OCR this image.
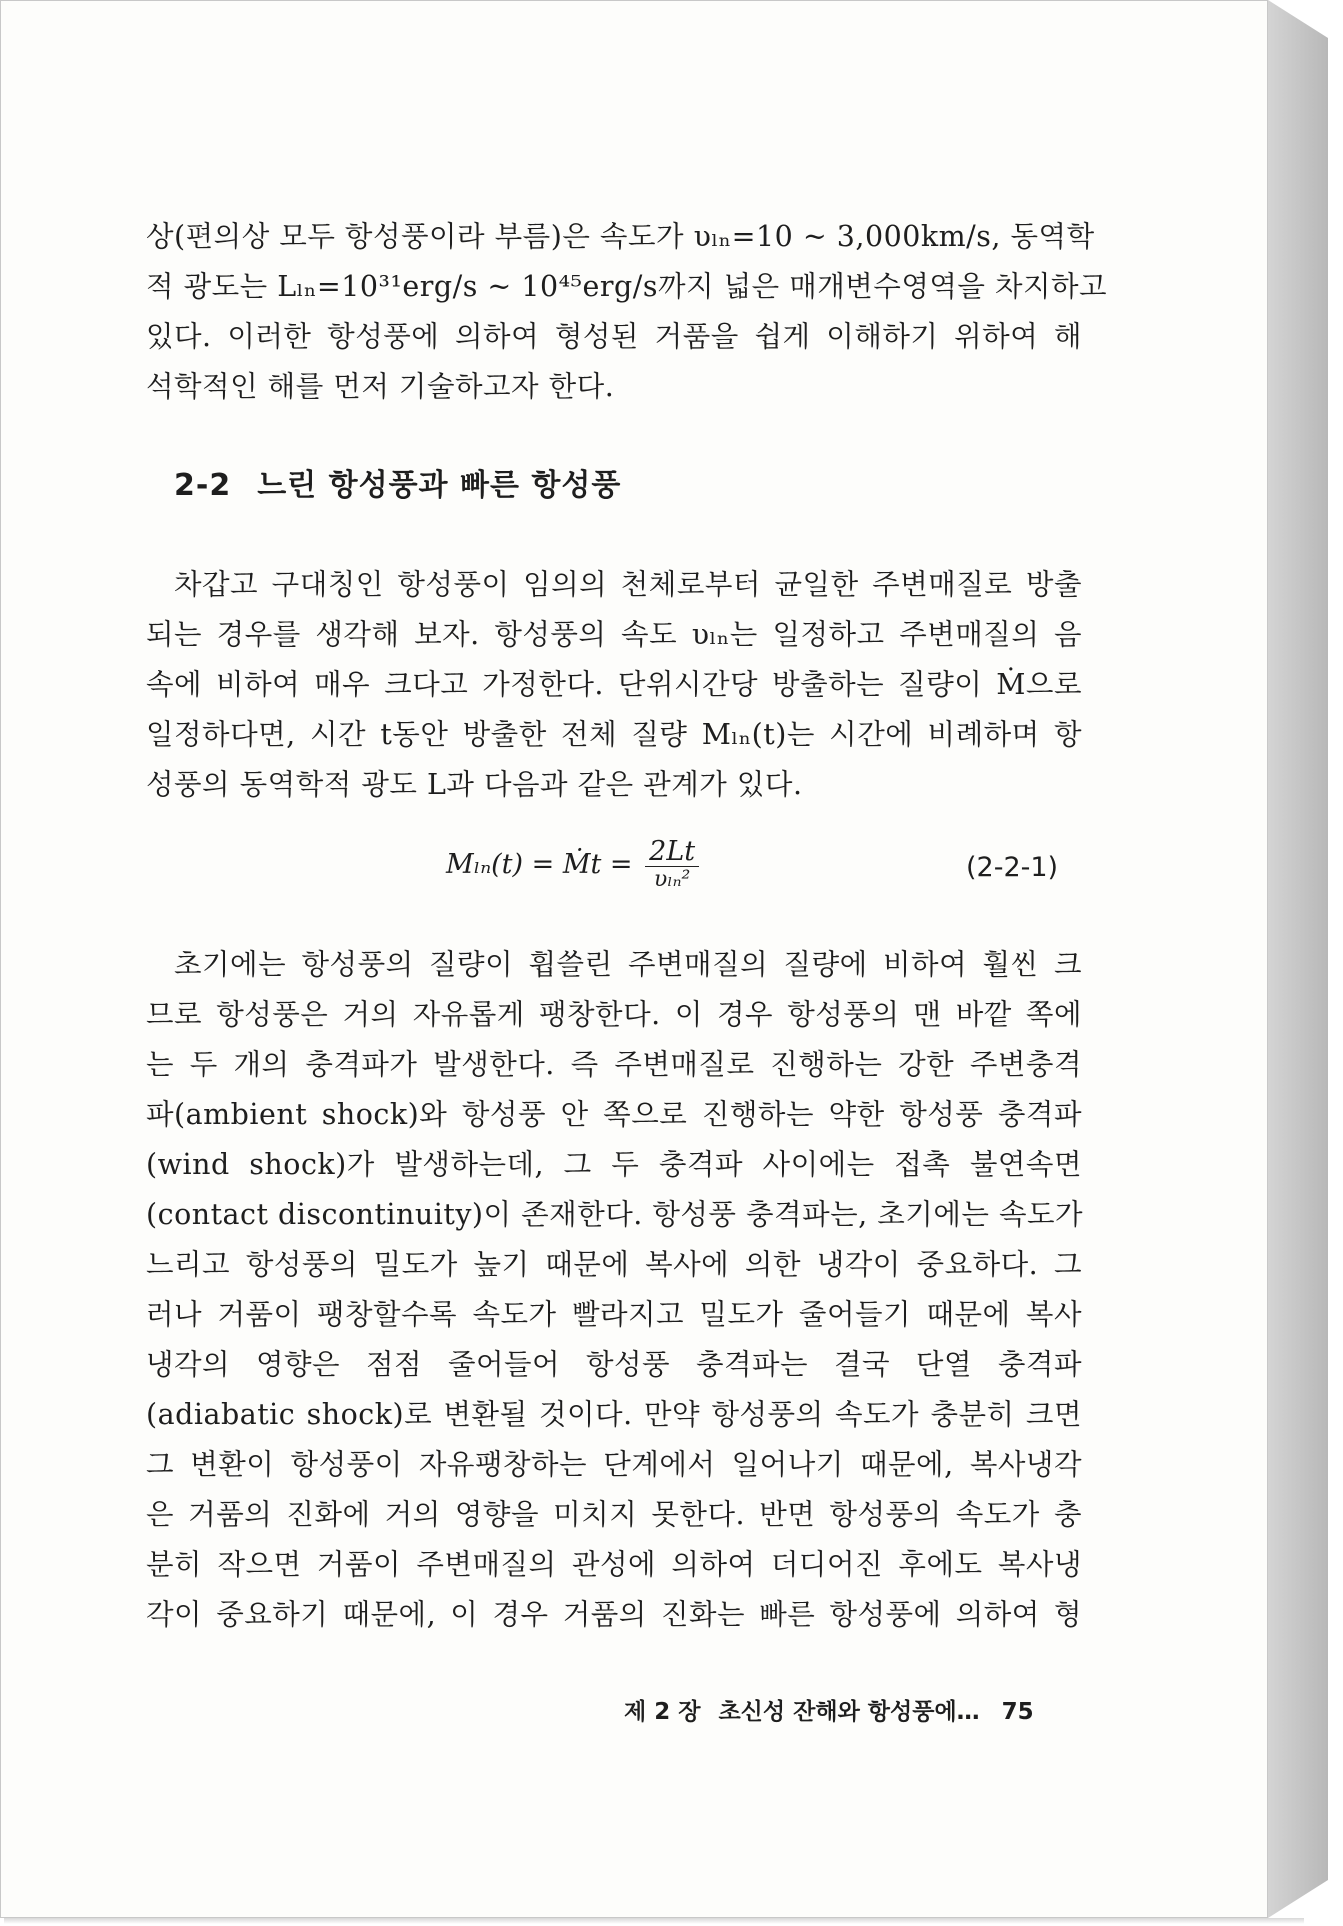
상(편의상 모두 항성풍이라 부름)은 속도가 υₗₙ=10 ~ 3,000km/s, 동역학
적 광도는 Lₗₙ=10³¹erg/s ~ 10⁴⁵erg/s까지 넓은 매개변수영역을 차지하고
있다. 이러한 항성풍에 의하여 형성된 거품을 쉽게 이해하기 위하여 해
석학적인 해를 먼저 기술하고자 한다.
2-2 느린 항성풍과 빠른 항성풍
차갑고 구대칭인 항성풍이 임의의 천체로부터 균일한 주변매질로 방출
되는 경우를 생각해 보자. 항성풍의 속도 υₗₙ는 일정하고 주변매질의 음
속에 비하여 매우 크다고 가정한다. 단위시간당 방출하는 질량이 Ṁ으로
일정하다면, 시간 t동안 방출한 전체 질량 Mₗₙ(t)는 시간에 비례하며 항
성풍의 동역학적 광도 L과 다음과 같은 관계가 있다.
Mₗₙ(t) = Ṁt = $\frac{2Lt}{\text{υₗₙ²}}$	(2-2-1)
초기에는 항성풍의 질량이 휩쓸린 주변매질의 질량에 비하여 훨씬 크
므로 항성풍은 거의 자유롭게 팽창한다. 이 경우 항성풍의 맨 바깥 쪽에
는 두 개의 충격파가 발생한다. 즉 주변매질로 진행하는 강한 주변충격
파(ambient shock)와 항성풍 안 쪽으로 진행하는 약한 항성풍 충격파
(wind shock)가 발생하는데, 그 두 충격파 사이에는 접촉 불연속면
(contact discontinuity)이 존재한다. 항성풍 충격파는, 초기에는 속도가
느리고 항성풍의 밀도가 높기 때문에 복사에 의한 냉각이 중요하다. 그
러나 거품이 팽창할수록 속도가 빨라지고 밀도가 줄어들기 때문에 복사
냉각의 영향은 점점 줄어들어 항성풍 충격파는 결국 단열 충격파
(adiabatic shock)로 변환될 것이다. 만약 항성풍의 속도가 충분히 크면
그 변환이 항성풍이 자유팽창하는 단계에서 일어나기 때문에, 복사냉각
은 거품의 진화에 거의 영향을 미치지 못한다. 반면 항성풍의 속도가 충
분히 작으면 거품이 주변매질의 관성에 의하여 더디어진 후에도 복사냉
각이 중요하기 때문에, 이 경우 거품의 진화는 빠른 항성풍에 의하여 형
제 2 장 초신성 잔해와 항성풍에… 75
